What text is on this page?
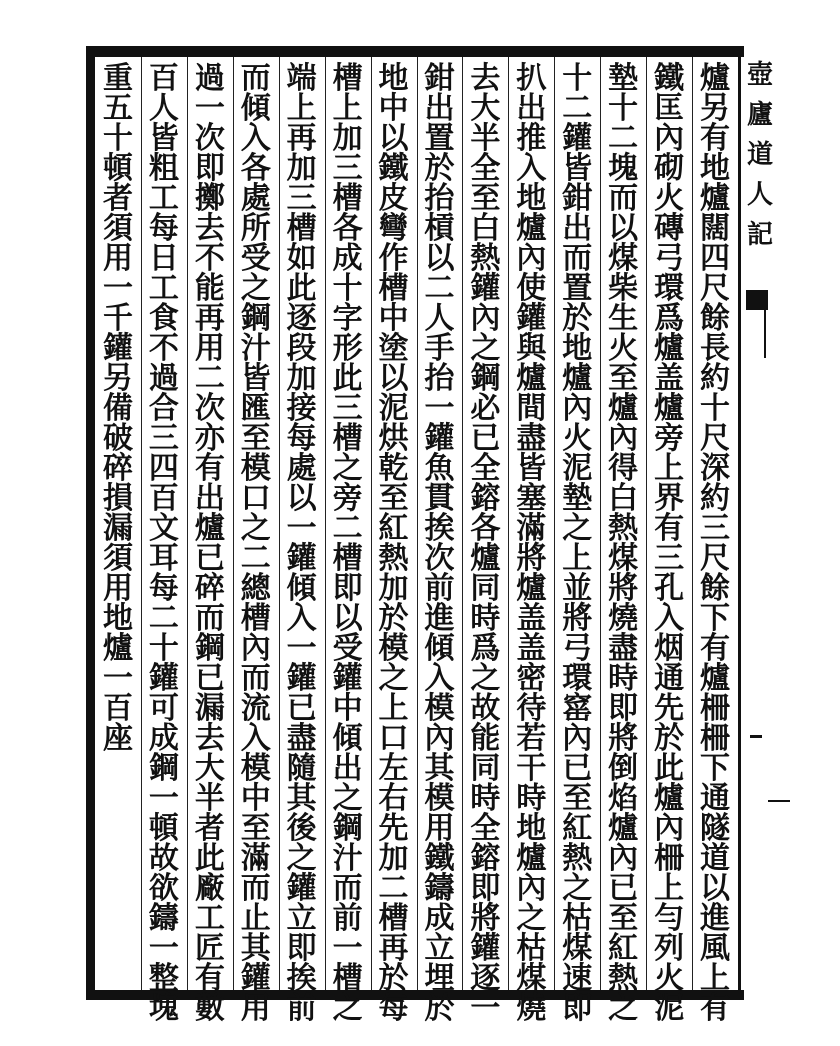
壺
廬
道
人
記
爐
另
有
地
爐
闊
四
尺
餘
長
約
十
尺
深
約
三
尺
餘
下
有
爐
柵
柵
下
通
隧
道
以
進
風
上
有
鐵
匡
內
砌
火
磚
弓
環
爲
爐
盖
爐
旁
上
界
有
三
孔
入
烟
通
先
於
此
爐
內
柵
上
勻
列
火
泥
墊
十
二
塊
而
以
煤
柴
生
火
至
爐
內
得
白
熱
煤
將
燒
盡
時
即
將
倒
焰
爐
內
已
至
紅
熱
之
十
二
鑵
皆
鉗
出
而
置
於
地
爐
內
火
泥
墊
之
上
並
將
弓
環
窰
內
已
至
紅
熱
之
枯
煤
速
即
扒
出
推
入
地
爐
內
使
鑵
與
爐
間
盡
皆
塞
滿
將
爐
盖
盖
密
待
若
干
時
地
爐
內
之
枯
煤
燒
去
大
半
全
至
白
熱
鑵
內
之
鋼
必
已
全
鎔
各
爐
同
時
爲
之
故
能
同
時
全
鎔
即
將
鑵
逐
一
鉗
出
置
於
抬
槓
以
二
人
手
抬
一
鑵
魚
貫
挨
次
前
進
傾
入
模
內
其
模
用
鐵
鑄
成
立
埋
於
地
中
以
鐵
皮
彎
作
槽
中
塗
以
泥
烘
乾
至
紅
熱
加
於
模
之
上
口
左
右
先
加
二
槽
再
於
每
槽
上
加
三
槽
各
成
十
字
形
此
三
槽
之
旁
二
槽
即
以
受
鑵
中
傾
出
之
鋼
汁
而
前
一
槽
之
端
上
再
加
三
槽
如
此
逐
段
加
接
每
處
以
一
鑵
傾
入
一
鑵
已
盡
隨
其
後
之
鑵
立
即
挨
前
而
傾
入
各
處
所
受
之
鋼
汁
皆
匯
至
模
口
之
二
總
槽
內
而
流
入
模
中
至
滿
而
止
其
鑵
用
過
一
次
即
擲
去
不
能
再
用
二
次
亦
有
出
爐
已
碎
而
鋼
已
漏
去
大
半
者
此
廠
工
匠
有
數
百
人
皆
粗
工
每
日
工
食
不
過
合
三
四
百
文
耳
每
二
十
鑵
可
成
鋼
一
頓
故
欲
鑄
一
整
塊
重
五
十
頓
者
須
用
一
千
鑵
另
備
破
碎
損
漏
須
用
地
爐
一
百
座
